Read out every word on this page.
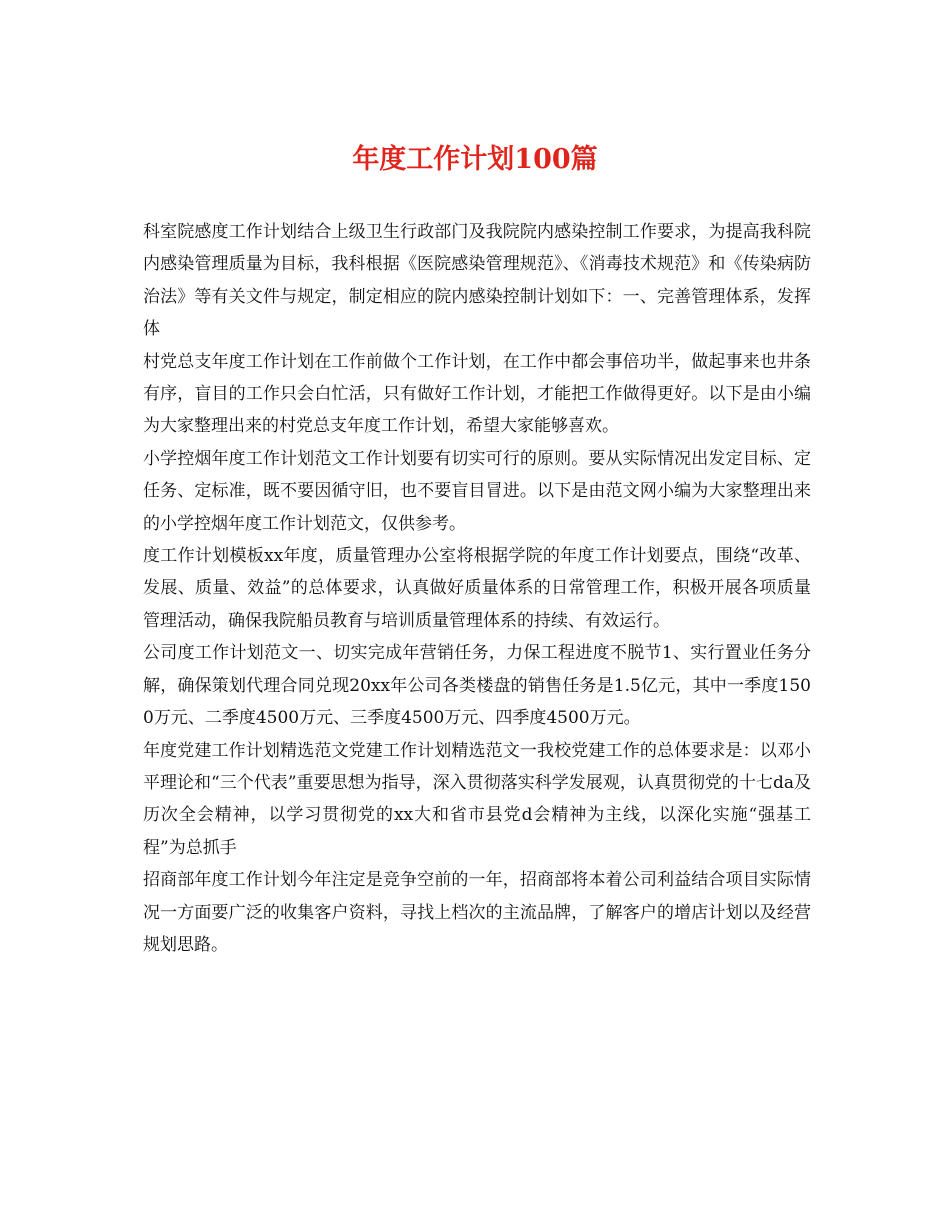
年度工作计划100篇

科室院感度工作计划结合上级卫生行政部门及我院院内感染控制工作要求，为提高我科院内感染管理质量为目标，我科根据《医院感染管理规范》、《消毒技术规范》和《传染病防治法》等有关文件与规定，制定相应的院内感染控制计划如下：一、完善管理体系，发挥体

村党总支年度工作计划在工作前做个工作计划，在工作中都会事倍功半，做起事来也井条有序，盲目的工作只会白忙活，只有做好工作计划，才能把工作做得更好。以下是由小编为大家整理出来的村党总支年度工作计划，希望大家能够喜欢。

小学控烟年度工作计划范文工作计划要有切实可行的原则。要从实际情况出发定目标、定任务、定标准，既不要因循守旧，也不要盲目冒进。以下是由范文网小编为大家整理出来的小学控烟年度工作计划范文，仅供参考。

度工作计划模板xx年度，质量管理办公室将根据学院的年度工作计划要点，围绕“改革、发展、质量、效益”的总体要求，认真做好质量体系的日常管理工作，积极开展各项质量管理活动，确保我院船员教育与培训质量管理体系的持续、有效运行。

公司度工作计划范文一、切实完成年营销任务，力保工程进度不脱节1、实行置业任务分解，确保策划代理合同兑现20xx年公司各类楼盘的销售任务是1.5亿元，其中一季度1500万元、二季度4500万元、三季度4500万元、四季度4500万元。

年度党建工作计划精选范文党建工作计划精选范文一我校党建工作的总体要求是：以邓小平理论和“三个代表”重要思想为指导，深入贯彻落实科学发展观，认真贯彻党的十七da及历次全会精神，以学习贯彻党的xx大和省市县党d会精神为主线，以深化实施“强基工程”为总抓手

招商部年度工作计划今年注定是竞争空前的一年，招商部将本着公司利益结合项目实际情况一方面要广泛的收集客户资料，寻找上档次的主流品牌，了解客户的增店计划以及经营规划思路。
